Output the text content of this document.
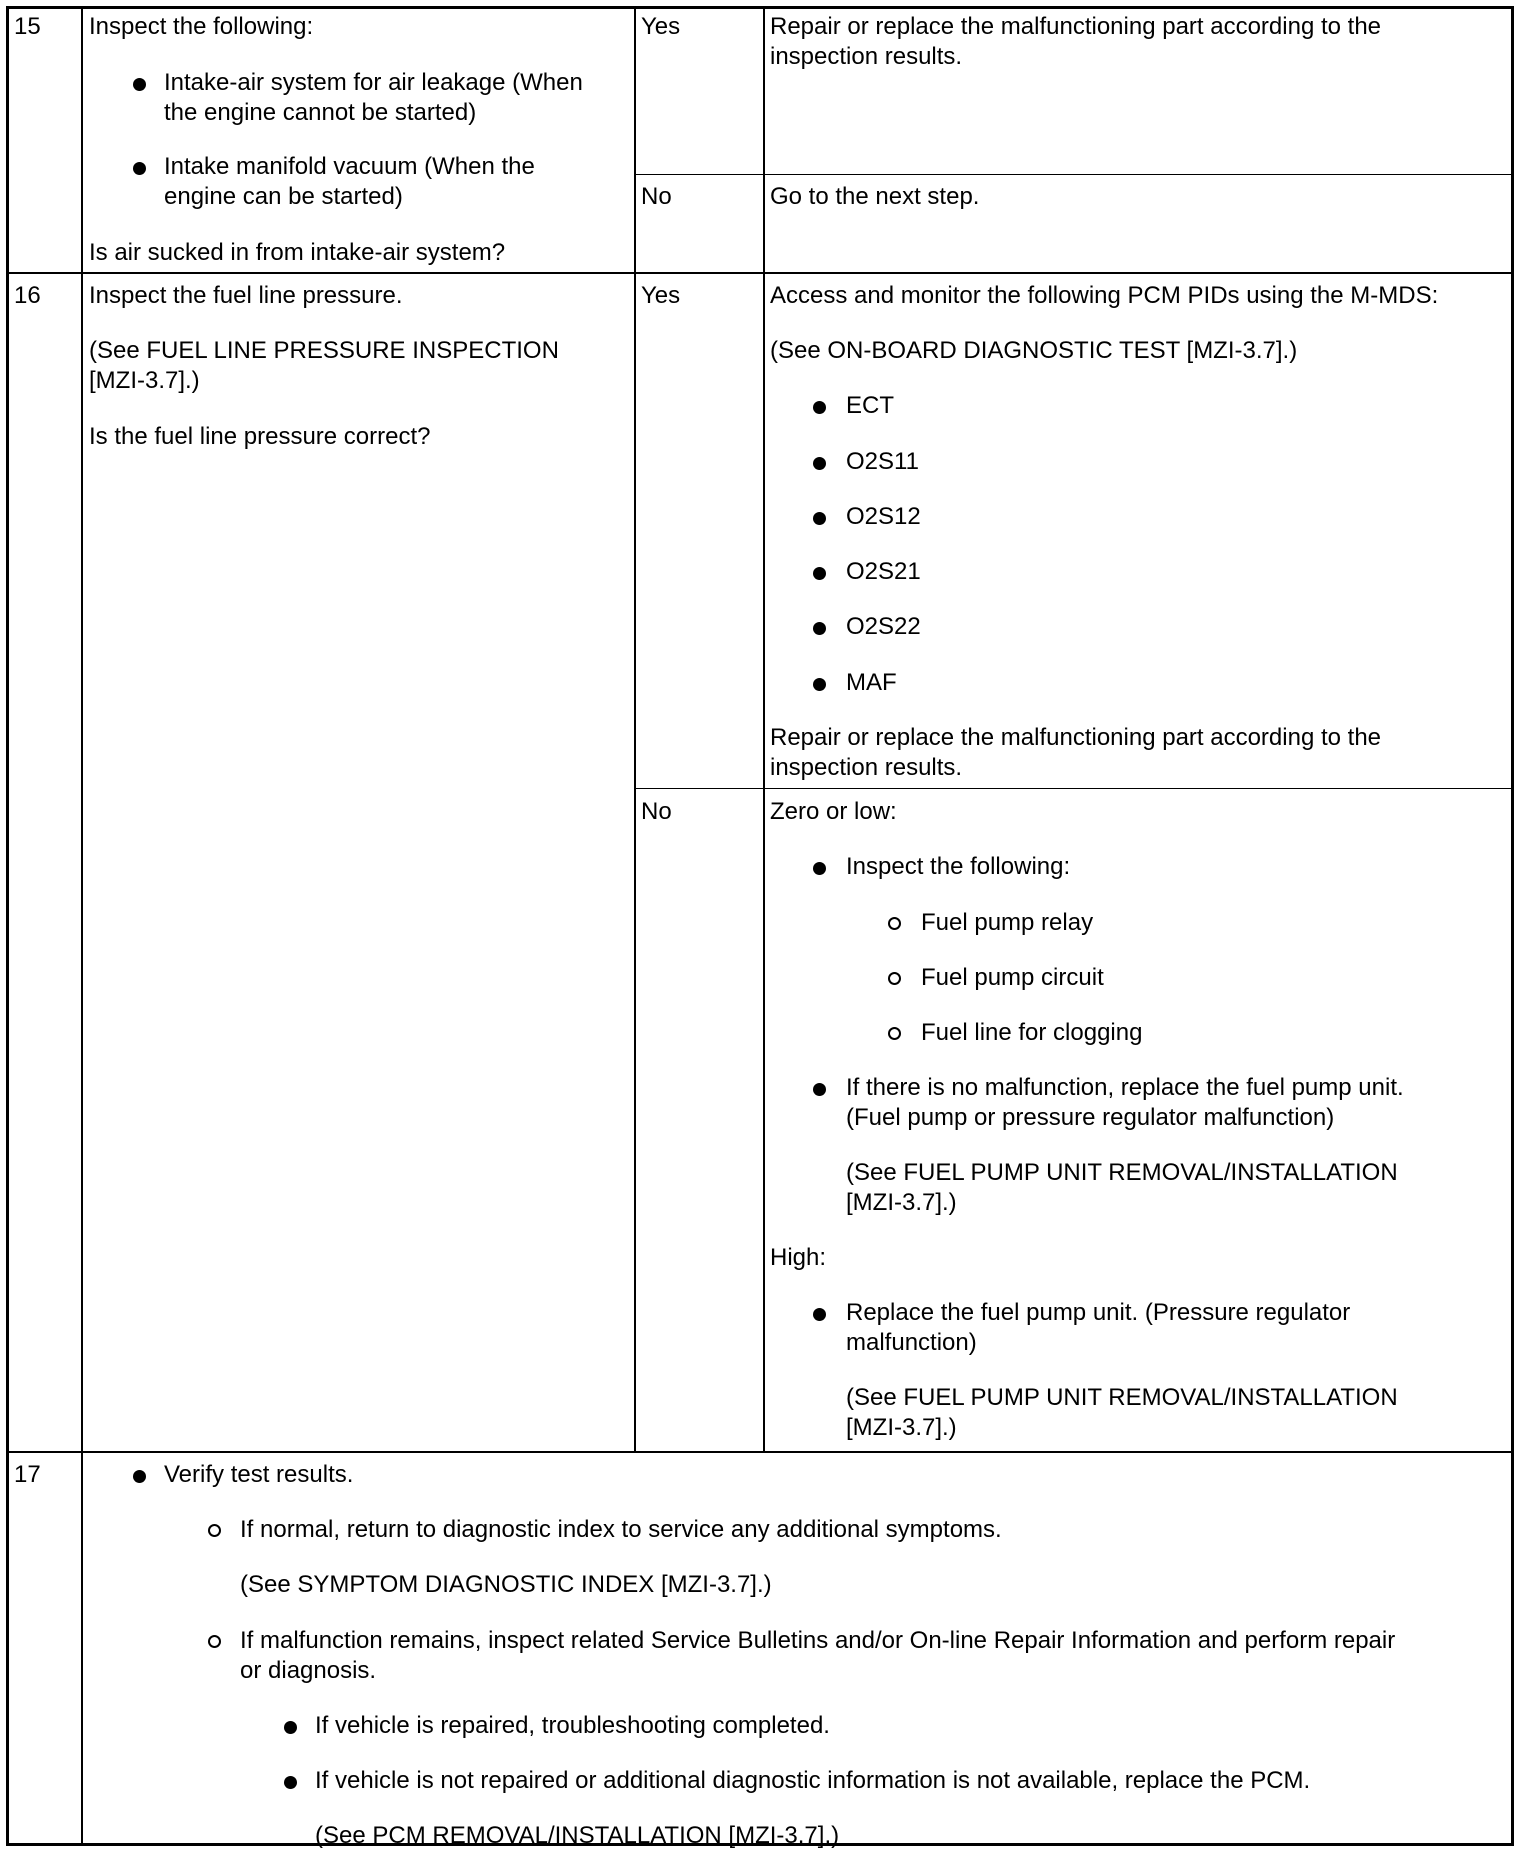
15 Inspect the following:
Intake-air system for air leakage (When
the engine cannot be started)
Intake manifold vacuum (When the
engine can be started)
Is air sucked in from intake-air system?
Yes	Repair or replace the malfunctioning part according to the
inspection results.
No	Go to the next step.
16 Inspect the fuel line pressure.
(See FUEL LINE PRESSURE INSPECTION
[MZI-3.7].)
Is the fuel line pressure correct?
Yes	Access and monitor the following PCM PIDs using the M-MDS:
(See ON-BOARD DIAGNOSTIC TEST [MZI-3.7].)
ECT
O2S11
O2S12
O2S21
O2S22
MAF
Repair or replace the malfunctioning part according to the
inspection results.
No	Zero or low:
Inspect the following:
Fuel pump relay
Fuel pump circuit
Fuel line for clogging
If there is no malfunction, replace the fuel pump unit.
(Fuel pump or pressure regulator malfunction)
(See FUEL PUMP UNIT REMOVAL/INSTALLATION
[MZI-3.7].)
High:
Replace the fuel pump unit. (Pressure regulator
malfunction)
(See FUEL PUMP UNIT REMOVAL/INSTALLATION
[MZI-3.7].)
17	Verify test results.
If normal, return to diagnostic index to service any additional symptoms.
(See SYMPTOM DIAGNOSTIC INDEX [MZI-3.7].)
If malfunction remains, inspect related Service Bulletins and/or On-line Repair Information and perform repair
or diagnosis.
If vehicle is repaired, troubleshooting completed.
If vehicle is not repaired or additional diagnostic information is not available, replace the PCM.
(See PCM REMOVAL/INSTALLATION [MZI-3.7].)
